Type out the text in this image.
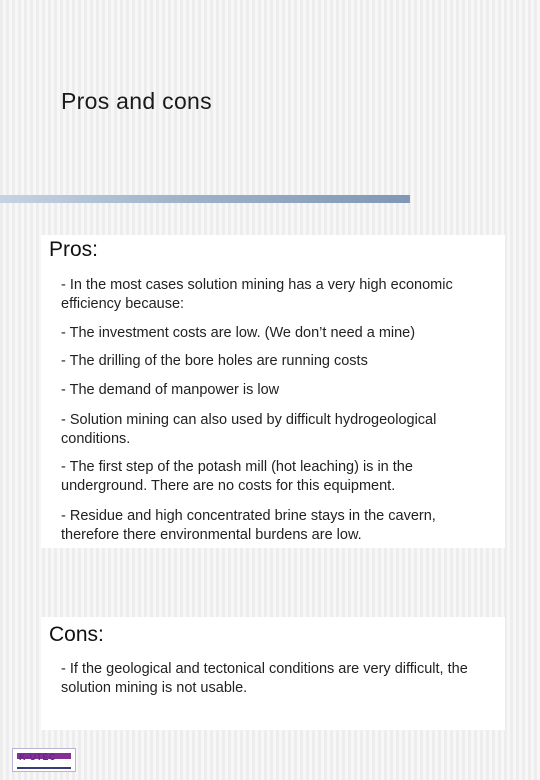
Pros and cons
Pros:
- In the most cases solution mining has a very high economic efficiency because:
- The investment costs are low. (We don’t need a mine)
- The drilling of the bore holes are running costs
- The demand of manpower is low
- Solution mining can also used by difficult hydrogeological conditions.
- The first step of the potash mill (hot leaching) is in the underground. There are no costs for this equipment.
- Residue and high concentrated brine stays in the cavern, therefore there environmental burdens are low.
Cons:
- If the geological and tectonical conditions are very difficult, the solution mining is not usable.
K-UTEC
